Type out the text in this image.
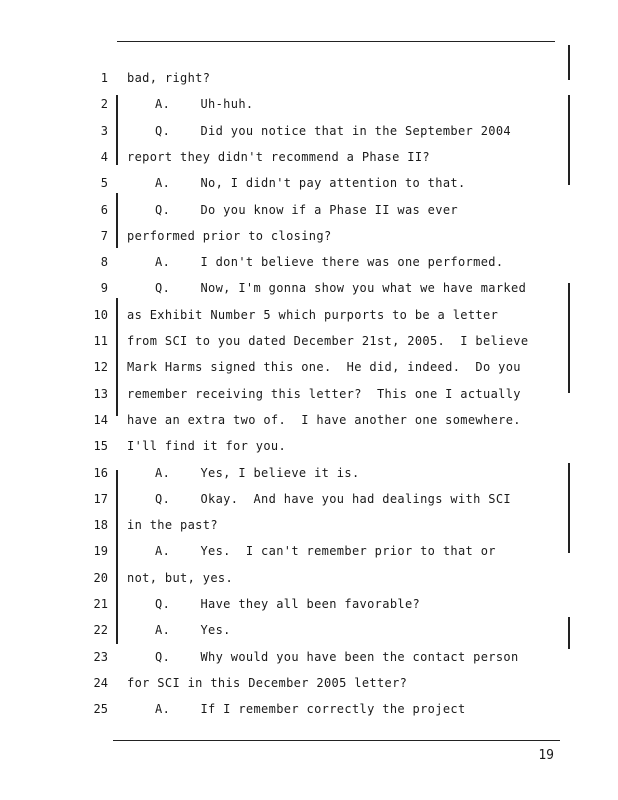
1 bad, right?
2	A.    Uh-huh.
3	Q.    Did you notice that in the September 2004
4 report they didn't recommend a Phase II?
5	A.    No, I didn't pay attention to that.
6	Q.    Do you know if a Phase II was ever
7 performed prior to closing?
8	A.    I don't believe there was one performed.
9	Q.    Now, I'm gonna show you what we have marked
10 as Exhibit Number 5 which purports to be a letter
11 from SCI to you dated December 21st, 2005.  I believe
12 Mark Harms signed this one.  He did, indeed.  Do you
13 remember receiving this letter?  This one I actually
14 have an extra two of.  I have another one somewhere.
15 I'll find it for you.
16	A.    Yes, I believe it is.
17	Q.    Okay.  And have you had dealings with SCI
18 in the past?
19	A.    Yes.  I can't remember prior to that or
20 not, but, yes.
21	Q.    Have they all been favorable?
22	A.    Yes.
23	Q.    Why would you have been the contact person
24 for SCI in this December 2005 letter?
25	A.    If I remember correctly the project
19
